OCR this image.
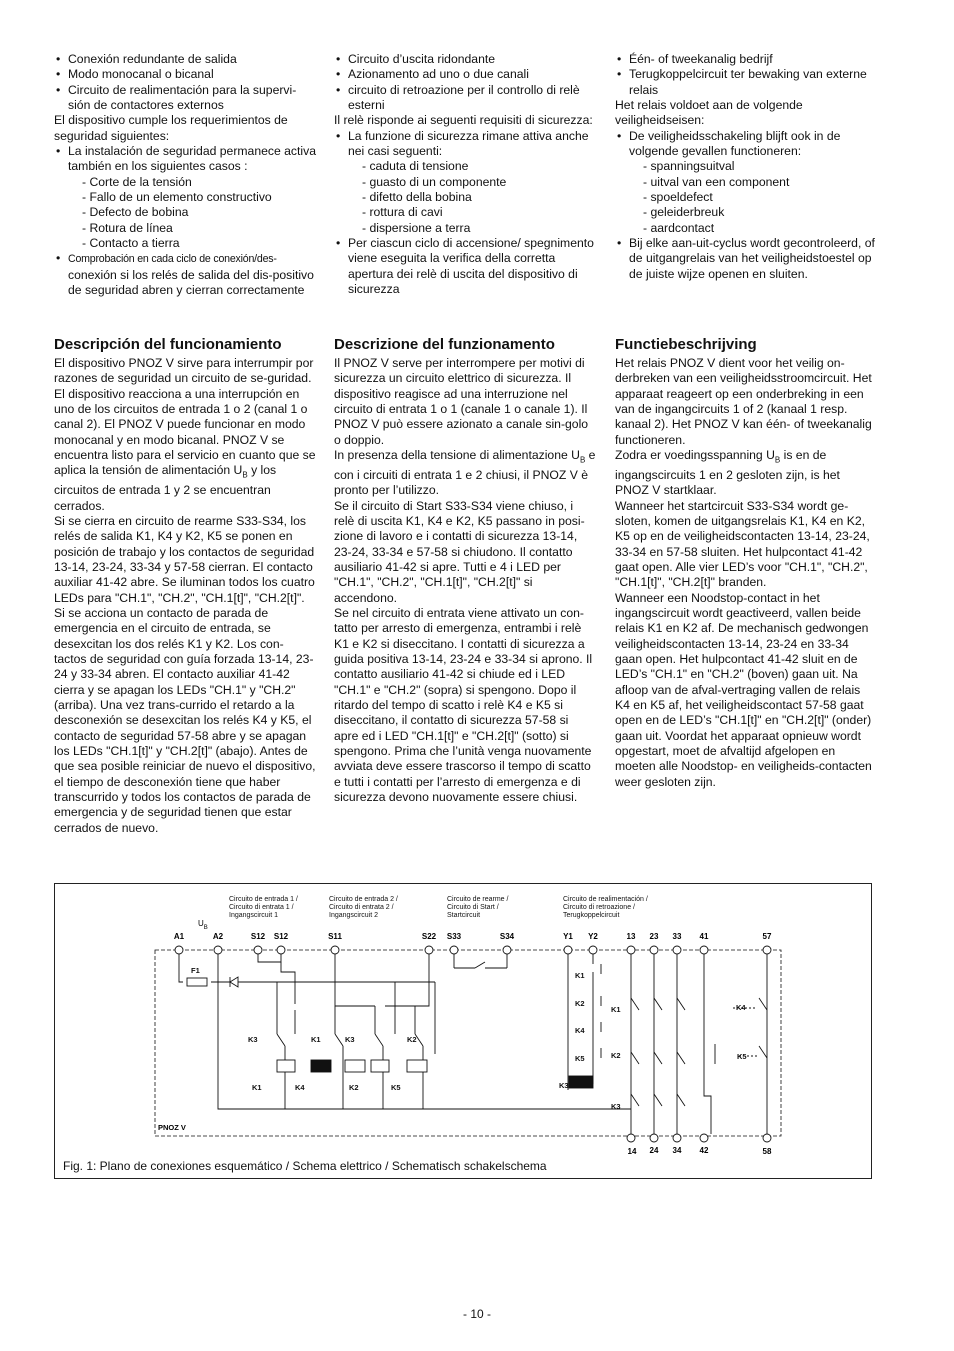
• Conexión redundante de salida
• Modo monocanal o bicanal
• Circuito de realimentación para la supervi-sión de contactores externos

El dispositivo cumple los requerimientos de seguridad siguientes:

• La instalación de seguridad permanece activa también en los siguientes casos :
- Corte de la tensión
- Fallo de un elemento constructivo
- Defecto de bobina
- Rotura de línea
- Contacto a tierra
• Comprobación en cada ciclo de conexión/des- conexión si los relés de salida del dis-positivo de seguridad abren y cierran correctamente
• Circuito d’uscita ridondante
• Azionamento ad uno o due canali
• circuito di retroazione per il controllo di relè esterni

Il relè risponde ai seguenti requisiti di sicurezza:

• La funzione di sicurezza rimane attiva anche nei casi seguenti:
- caduta di tensione
- guasto di un componente
- difetto della bobina
- rottura di cavi
- dispersione a terra
• Per ciascun ciclo di accensione/ spegnimento viene eseguita la verifica della corretta apertura dei relè di uscita del dispositivo di sicurezza
• Één- of tweekanalig bedrijf
• Terugkoppelcircuit ter bewaking van externe relais

Het relais voldoet aan de volgende veiligheidseisen:

• De veiligheidsschakeling blijft ook in de volgende gevallen functioneren:
- spanningsuitval
- uitval van een component
- spoeldefect
- geleiderbreuk
- aardcontact
• Bij elke aan-uit-cyclus wordt gecontroleerd, of de uitgangrelais van het veiligheidstoestel op de juiste wijze openen en sluiten.
Descripción del funcionamiento	Descrizione del funzionamento	Functiebeschrijving

El dispositivo PNOZ V sirve para interrumpir por razones de seguridad un circuito de se-guridad. El dispositivo reacciona a una interrupción en uno de los circuitos de entrada 1 o 2 (canal 1 o canal 2). El PNOZ V puede funcionar en modo monocanal y en modo bicanal. PNOZ V se encuentra listo para el servicio en cuanto que se aplica la tensión de alimentación $U_B$ y los circuitos de entrada 1 y 2 se encuentran cerrados.

Si se cierra en circuito de rearme S33-S34, los relés de salida K1, K4 y K2, K5 se ponen en posición de trabajo y los contactos de seguridad 13-14, 23-24, 33-34 y 57-58 cierran. El contacto auxiliar 41-42 abre. Se iluminan todos los cuatro LEDs para "CH.1", "CH.2", "CH.1[t]", "CH.2[t]".

Si se acciona un contacto de parada de emergencia en el circuito de entrada, se desexcitan los dos relés K1 y K2. Los con-tactos de seguridad con guía forzada 13-14, 23-24 y 33-34 abren. El contacto auxiliar 41-42 cierra y se apagan los LEDs "CH.1" y "CH.2" (arriba). Una vez trans-currido el retardo a la desconexión se desexcitan los relés K4 y K5, el contacto de seguridad 57-58 abre y se apagan los LEDs "CH.1[t]" y "CH.2[t]" (abajo). Antes de que sea posible reiniciar de nuevo el dispositivo, el tiempo de desconexión tiene que haber transcurrido y todos los contactos de parada de emergencia y de seguridad tienen que estar cerrados de nuevo.

Il PNOZ V serve per interrompere per motivi di sicurezza un circuito elettrico di sicurezza. Il dispositivo reagisce ad una interruzione nel circuito di entrata 1 o 1 (canale 1 o canale 1). Il PNOZ V può essere azionato a canale sin-golo o doppio.

In presenza della tensione di alimentazione $U_B$ e con i circuiti di entrata 1 e 2 chiusi, il PNOZ V è pronto per l’utilizzo.

Se il circuito di Start S33-S34 viene chiuso, i relè di uscita K1, K4 e K2, K5 passano in posi-zione di lavoro e i contatti di sicurezza 13-14, 23-24, 33-34 e 57-58 si chiudono. Il contatto ausiliario 41-42 si apre. Tutti e 4 i LED per "CH.1", "CH.2", "CH.1[t]", "CH.2[t]" si accendono.

Se nel circuito di entrata viene attivato un con-tatto per arresto di emergenza, entrambi i relè K1 e K2 si diseccitano. I contatti di sicurezza a guida positiva 13-14, 23-24 e 33-34 si aprono. Il contatto ausiliario 41-42 si chiude ed i LED "CH.1" e "CH.2" (sopra) si spengono. Dopo il ritardo del tempo di scatto i relè K4 e K5 si diseccitano, il contatto di sicurezza 57-58 si apre ed i LED "CH.1[t]" e "CH.2[t]" (sotto) si spengono. Prima che l’unità venga nuovamente avviata deve essere trascorso il tempo di scatto e tutti i contatti per l’arresto di emergenza e di sicurezza devono nuovamente essere chiusi.

Het relais PNOZ V dient voor het veilig on-derbreken van een veiligheidsstroomcircuit. Het apparaat reageert op een onderbreking in een van de ingangcircuits 1 of 2 (kanaal 1 resp. kanaal 2). Het PNOZ V kan één- of tweekanalig functioneren.

Zodra er voedingsspanning $U_B$ is en de ingangscircuits 1 en 2 gesloten zijn, is het PNOZ V startklaar.

Wanneer het startcircuit S33-S34 wordt ge-sloten, komen de uitgangsrelais K1, K4 en K2, K5 op en de veiligheidscontacten 13-14, 23-24, 33-34 en 57-58 sluiten. Het hulpcontact 41-42 gaat open. Alle vier LED’s voor "CH.1", "CH.2", "CH.1[t]", "CH.2[t]" branden.

Wanneer een Noodstop-contact in het ingangscircuit wordt geactiveerd, vallen beide relais K1 en K2 af. De mechanisch gedwongen veiligheidscontacten 13-14, 23-24 en 33-34 gaan open. Het hulpcontact 41-42 sluit en de LED’s "CH.1" en "CH.2" (boven) gaan uit. Na afloop van de afval-vertraging vallen de relais K4 en K5 af, het veiligheidscontact 57-58 gaat open en de LED’s "CH.1[t]" en "CH.2[t]" (onder) gaan uit. Voordat het apparaat opnieuw wordt opgestart, moet de afvaltijd afgelopen en moeten alle Noodstop- en veiligheids-contacten weer gesloten zijn.

Circuito de entrada 1 /
Circuito di entrata 1 /
Ingangscircuit 1
Circuito de entrada 2 /
Circuito di entrata 2 /
Ingangscircuit 2
Circuito de rearme /
Circuito di Start /
Startcircuit
Circuito de realimentación /
Circuito di retroazione /
Terugkoppelcircuit
$U_B$
PNOZ V
A1	A2	S12 S12	S11	S22 S33	S34	Y1 Y2	13 23 33 41	57
K1	K4	K2	K5	K3
K3	K1	K3	K2
K1
K2
K4
K5
K1
K2
K3
K4
K5
F1
14 24 34 42	58
Fig. 1: Plano de conexiones esquemático / Schema elettrico / Schematisch schakelschema
- 10 -
